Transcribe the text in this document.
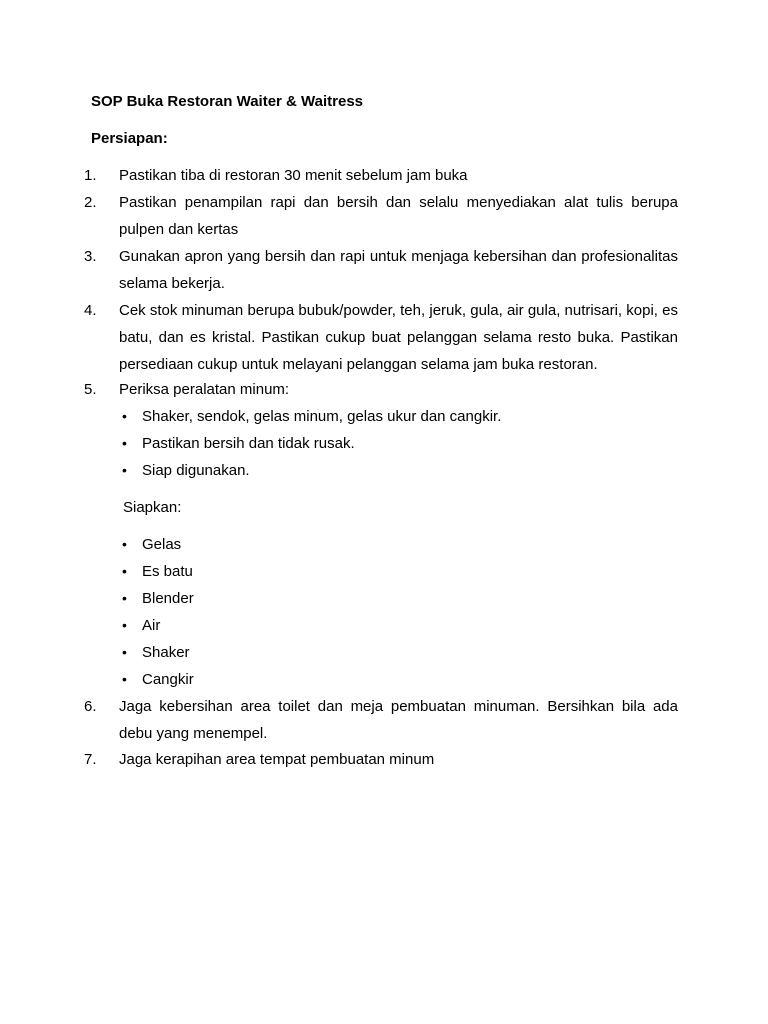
SOP Buka Restoran Waiter & Waitress
Persiapan:
1. Pastikan tiba di restoran 30 menit sebelum jam buka
2. Pastikan penampilan rapi dan bersih dan selalu menyediakan alat tulis berupa pulpen dan kertas
3. Gunakan apron yang bersih dan rapi untuk menjaga kebersihan dan profesionalitas selama bekerja.
4. Cek stok minuman berupa bubuk/powder, teh, jeruk, gula, air gula, nutrisari, kopi, es batu, dan es kristal. Pastikan cukup buat pelanggan selama resto buka. Pastikan persediaan cukup untuk melayani pelanggan selama jam buka restoran.
5. Periksa peralatan minum:
• Shaker, sendok, gelas minum, gelas ukur dan cangkir.
• Pastikan bersih dan tidak rusak.
• Siap digunakan.
Siapkan:
• Gelas
• Es batu
• Blender
• Air
• Shaker
• Cangkir
6. Jaga kebersihan area toilet dan meja pembuatan minuman. Bersihkan bila ada debu yang menempel.
7. Jaga kerapihan area tempat pembuatan minum
